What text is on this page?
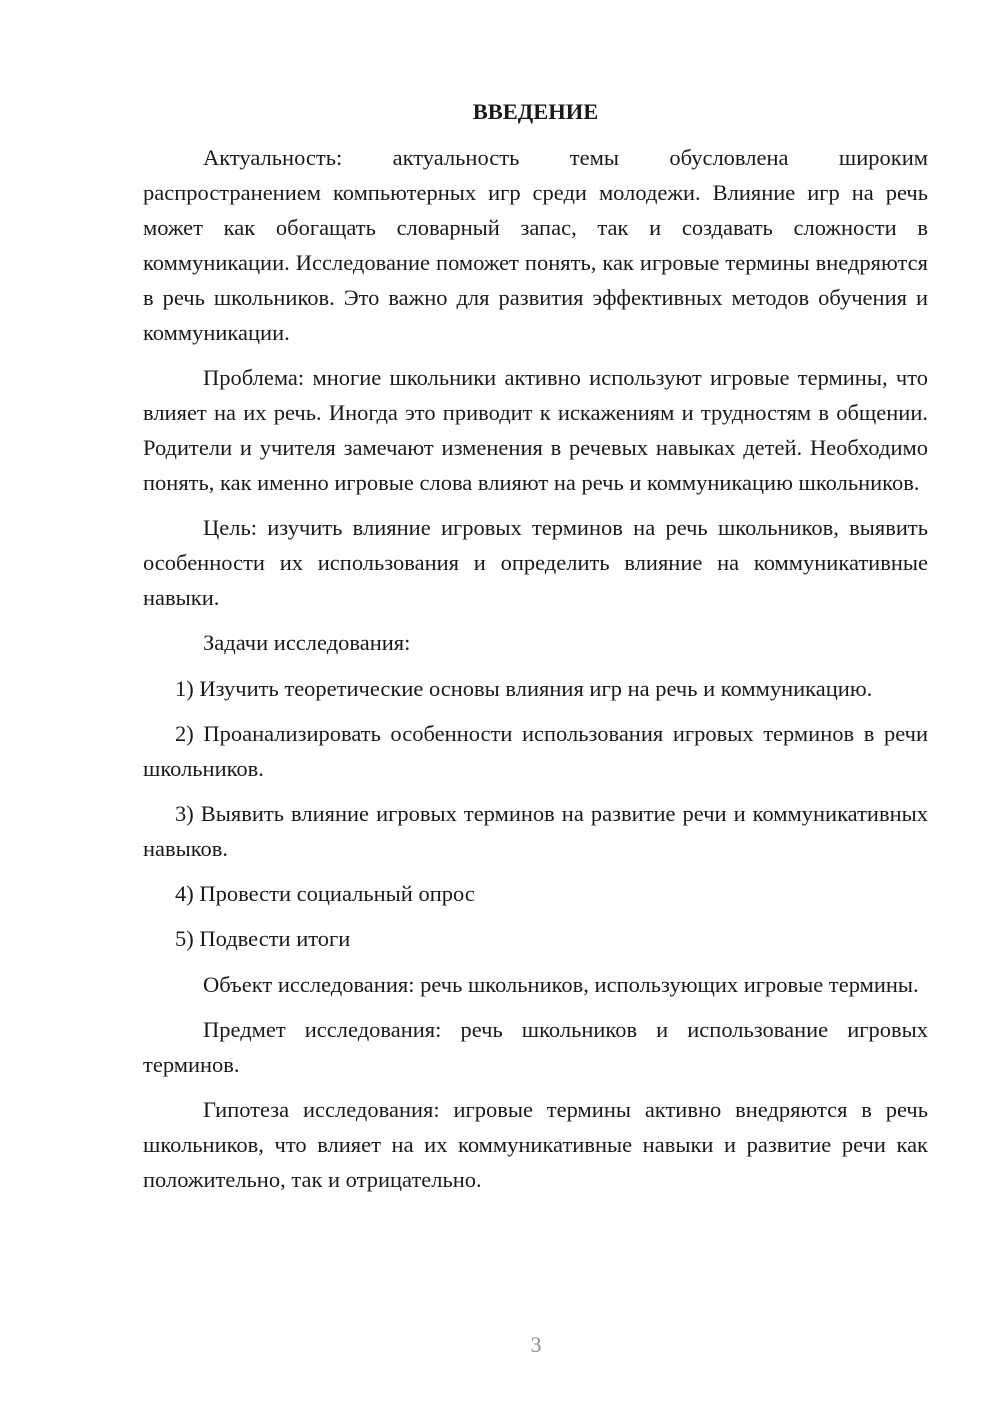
ВВЕДЕНИЕ

Актуальность: актуальность темы обусловлена широким распространением компьютерных игр среди молодежи. Влияние игр на речь может как обогащать словарный запас, так и создавать сложности в коммуникации. Исследование поможет понять, как игровые термины внедряются в речь школьников. Это важно для развития эффективных методов обучения и коммуникации.

Проблема: многие школьники активно используют игровые термины, что влияет на их речь. Иногда это приводит к искажениям и трудностям в общении. Родители и учителя замечают изменения в речевых навыках детей. Необходимо понять, как именно игровые слова влияют на речь и коммуникацию школьников.

Цель: изучить влияние игровых терминов на речь школьников, выявить особенности их использования и определить влияние на коммуникативные навыки.

Задачи исследования:

1) Изучить теоретические основы влияния игр на речь и коммуникацию.

2) Проанализировать особенности использования игровых терминов в речи школьников.

3) Выявить влияние игровых терминов на развитие речи и коммуникативных навыков.

4) Провести социальный опрос

5) Подвести итоги

Объект исследования: речь школьников, использующих игровые термины.

Предмет исследования: речь школьников и использование игровых терминов.

Гипотеза исследования: игровые термины активно внедряются в речь школьников, что влияет на их коммуникативные навыки и развитие речи как положительно, так и отрицательно.

3
